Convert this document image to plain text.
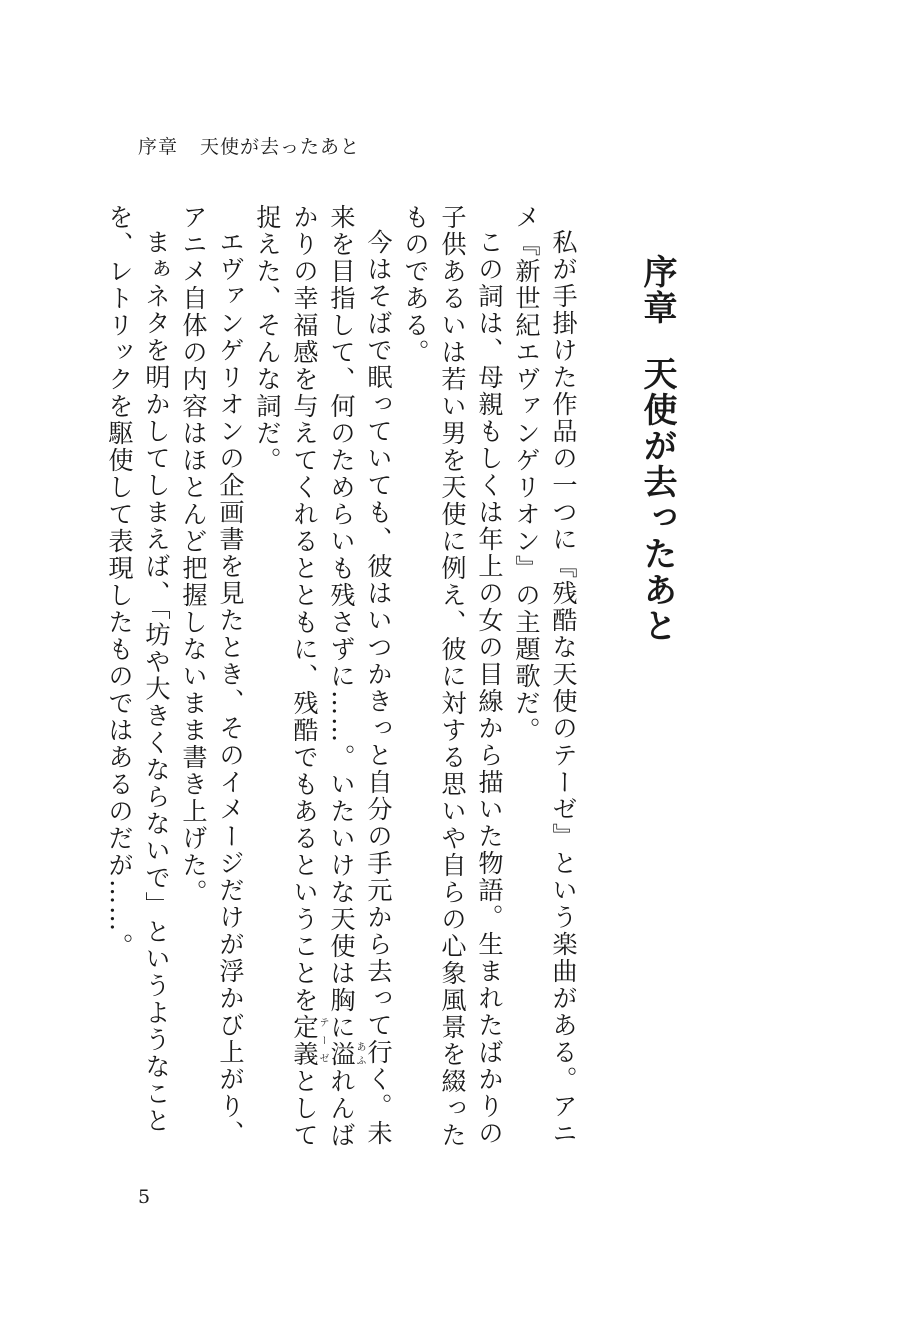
序章 天使が去ったあと
序章天使が去ったあと

私が手掛けた作品の一つに『残酷な天使のテーゼ』という楽曲がある。アニメ『新世紀エヴァンゲリオン』の主題歌だ。

この詞は、母親もしくは年上の女の目線から描いた物語。生まれたばかりの子供あるいは若い男を天使に例え、彼に対する思いや自らの心象風景を綴ったものである。

今はそばで眠っていても、彼はいつかきっと自分の手元から去って行く。未来を目指して、何のためらいも残さずに……。いたいけな天使は胸に溢あふれんばかりの幸福感を与えてくれるとともに、残酷でもあるということを定義テーゼとして捉えた、そんな詞だ。

エヴァンゲリオンの企画書を見たとき、そのイメージだけが浮かび上がり、アニメ自体の内容はほとんど把握しないまま書き上げた。

まぁネタを明かしてしまえば、「坊や大きくならないで」というようなことを、レトリックを駆使して表現したものではあるのだが……。

5
